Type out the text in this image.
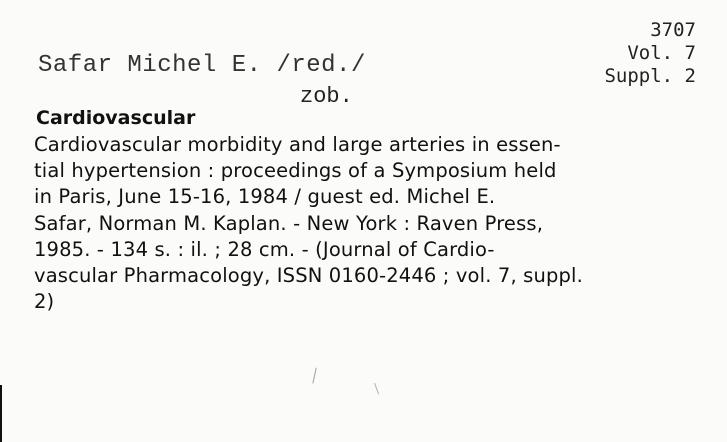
3707
Vol. 7
Suppl. 2
Safar Michel E. /red./
zob.
Cardiovascular
Cardiovascular morbidity and large arteries in essen-
tial hypertension : proceedings of a Symposium held
in Paris, June 15-16, 1984 / guest ed. Michel E.
Safar, Norman M. Kaplan. - New York : Raven Press,
1985. - 134 s. : il. ; 28 cm. - (Journal of Cardio-
vascular Pharmacology, ISSN 0160-2446 ; vol. 7, suppl.
2)
